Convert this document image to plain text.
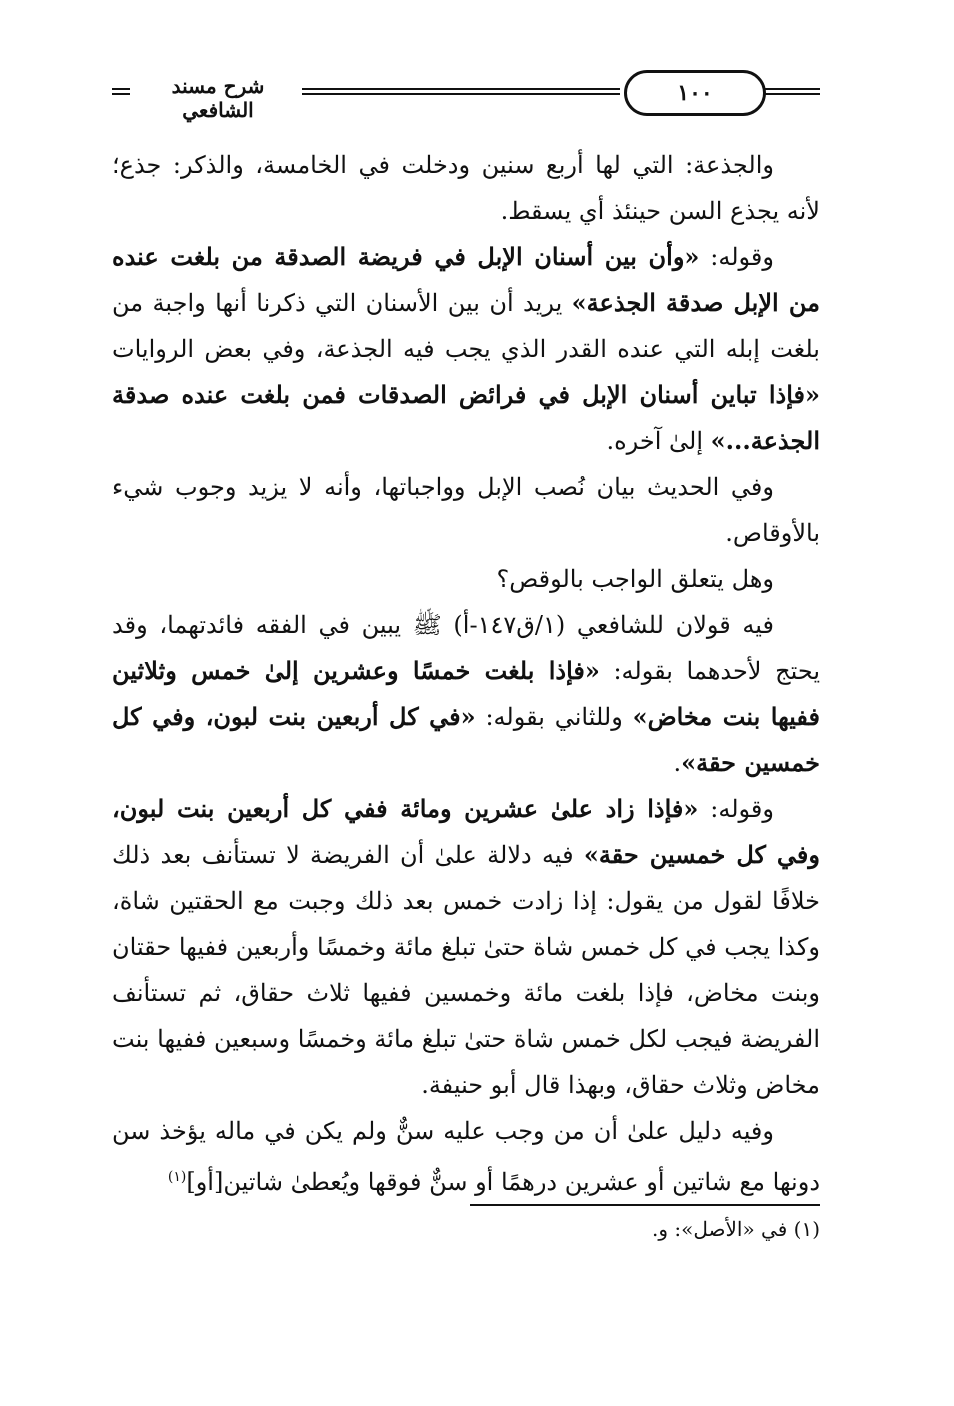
شرح مسند الشافعي
١٠٠

والجذعة: التي لها أربع سنين ودخلت في الخامسة، والذكر: جذع؛ لأنه يجذع السن حينئذ أي يسقط.

وقوله: «وأن بين أسنان الإبل في فريضة الصدقة من بلغت عنده من الإبل صدقة الجذعة» يريد أن بين الأسنان التي ذكرنا أنها واجبة من بلغت إبله التي عنده القدر الذي يجب فيه الجذعة، وفي بعض الروايات «فإذا تباين أسنان الإبل في فرائض الصدقات فمن بلغت عنده صدقة الجذعة...» إلىٰ آخره.

وفي الحديث بيان نُصب الإبل وواجباتها، وأنه لا يزيد وجوب شيء بالأوقاص.

وهل يتعلق الواجب بالوقص؟

فيه قولان للشافعي (١/ق١٤٧-أ) ﷺ يبين في الفقه فائدتهما، وقد يحتج لأحدهما بقوله: «فإذا بلغت خمسًا وعشرين إلىٰ خمس وثلاثين ففيها بنت مخاض» وللثاني بقوله: «في كل أربعين بنت لبون، وفي كل خمسين حقة».

وقوله: «فإذا زاد علىٰ عشرين ومائة ففي كل أربعين بنت لبون، وفي كل خمسين حقة» فيه دلالة علىٰ أن الفريضة لا تستأنف بعد ذلك خلافًا لقول من يقول: إذا زادت خمس بعد ذلك وجبت مع الحقتين شاة، وكذا يجب في كل خمس شاة حتىٰ تبلغ مائة وخمسًا وأربعين ففيها حقتان وبنت مخاض، فإذا بلغت مائة وخمسين ففيها ثلاث حقاق، ثم تستأنف الفريضة فيجب لكل خمس شاة حتىٰ تبلغ مائة وخمسًا وسبعين ففيها بنت مخاض وثلاث حقاق، وبهذا قال أبو حنيفة.

وفيه دليل علىٰ أن من وجب عليه سنٌّ ولم يكن في ماله يؤخذ سن دونها مع شاتين أو عشرين درهمًا أو سنٌّ فوقها ويُعطىٰ شاتين[أو]$^{(١)}$

(١) في «الأصل»: و.
